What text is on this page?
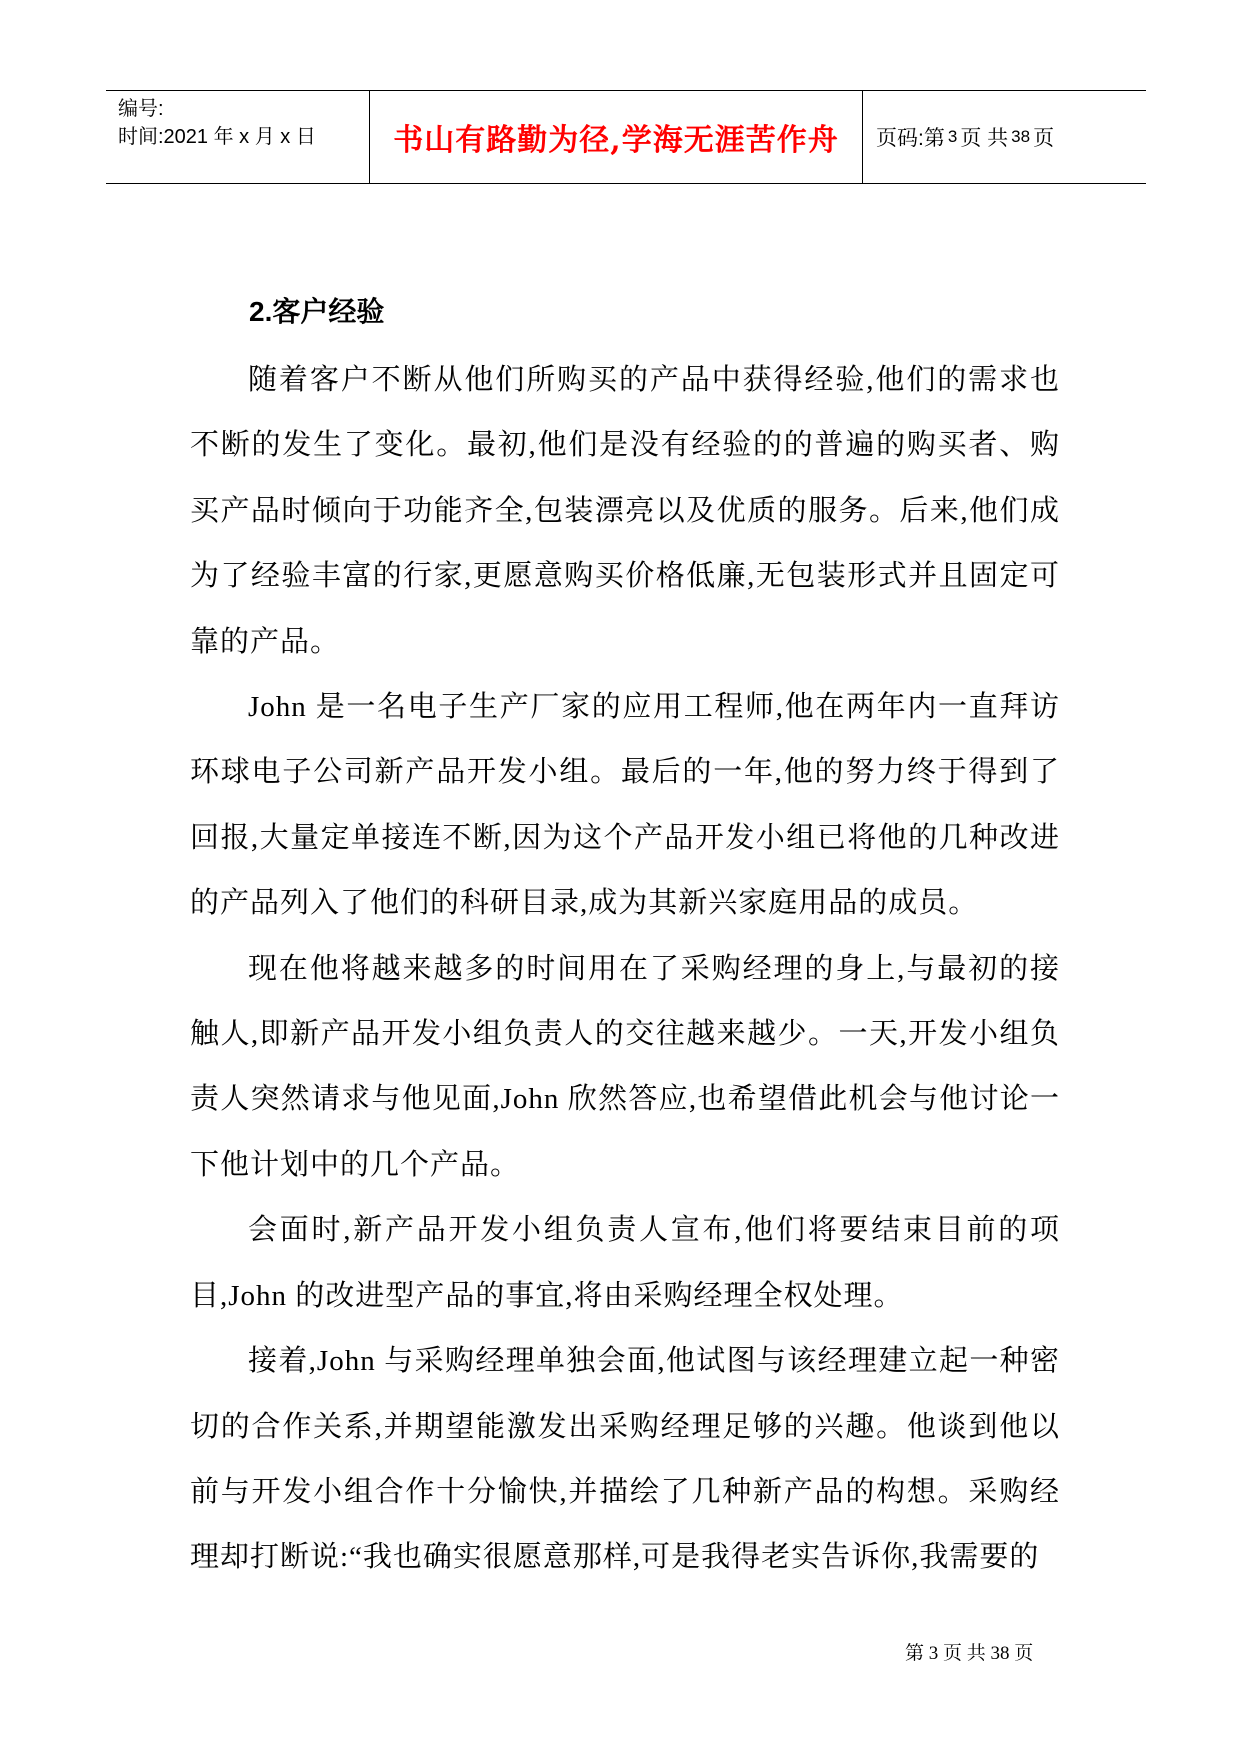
编号:
时间:2021 年 x 月 x 日	书山有路勤为径,学海无涯苦作舟	页码:第 3 页 共 38 页
2.客户经验

随着客户不断从他们所购买的产品中获得经验,他们的需求也不断的发生了变化。最初,他们是没有经验的的普遍的购买者、购买产品时倾向于功能齐全,包装漂亮以及优质的服务。后来,他们成为了经验丰富的行家,更愿意购买价格低廉,无包装形式并且固定可靠的产品。

John 是一名电子生产厂家的应用工程师,他在两年内一直拜访环球电子公司新产品开发小组。最后的一年,他的努力终于得到了回报,大量定单接连不断,因为这个产品开发小组已将他的几种改进的产品列入了他们的科研目录,成为其新兴家庭用品的成员。

现在他将越来越多的时间用在了采购经理的身上,与最初的接触人,即新产品开发小组负责人的交往越来越少。一天,开发小组负责人突然请求与他见面,John 欣然答应,也希望借此机会与他讨论一下他计划中的几个产品。

会面时,新产品开发小组负责人宣布,他们将要结束目前的项目,John 的改进型产品的事宜,将由采购经理全权处理。

接着,John 与采购经理单独会面,他试图与该经理建立起一种密切的合作关系,并期望能激发出采购经理足够的兴趣。他谈到他以前与开发小组合作十分愉快,并描绘了几种新产品的构想。采购经理却打断说:“我也确实很愿意那样,可是我得老实告诉你,我需要的

第 3 页 共 38 页
